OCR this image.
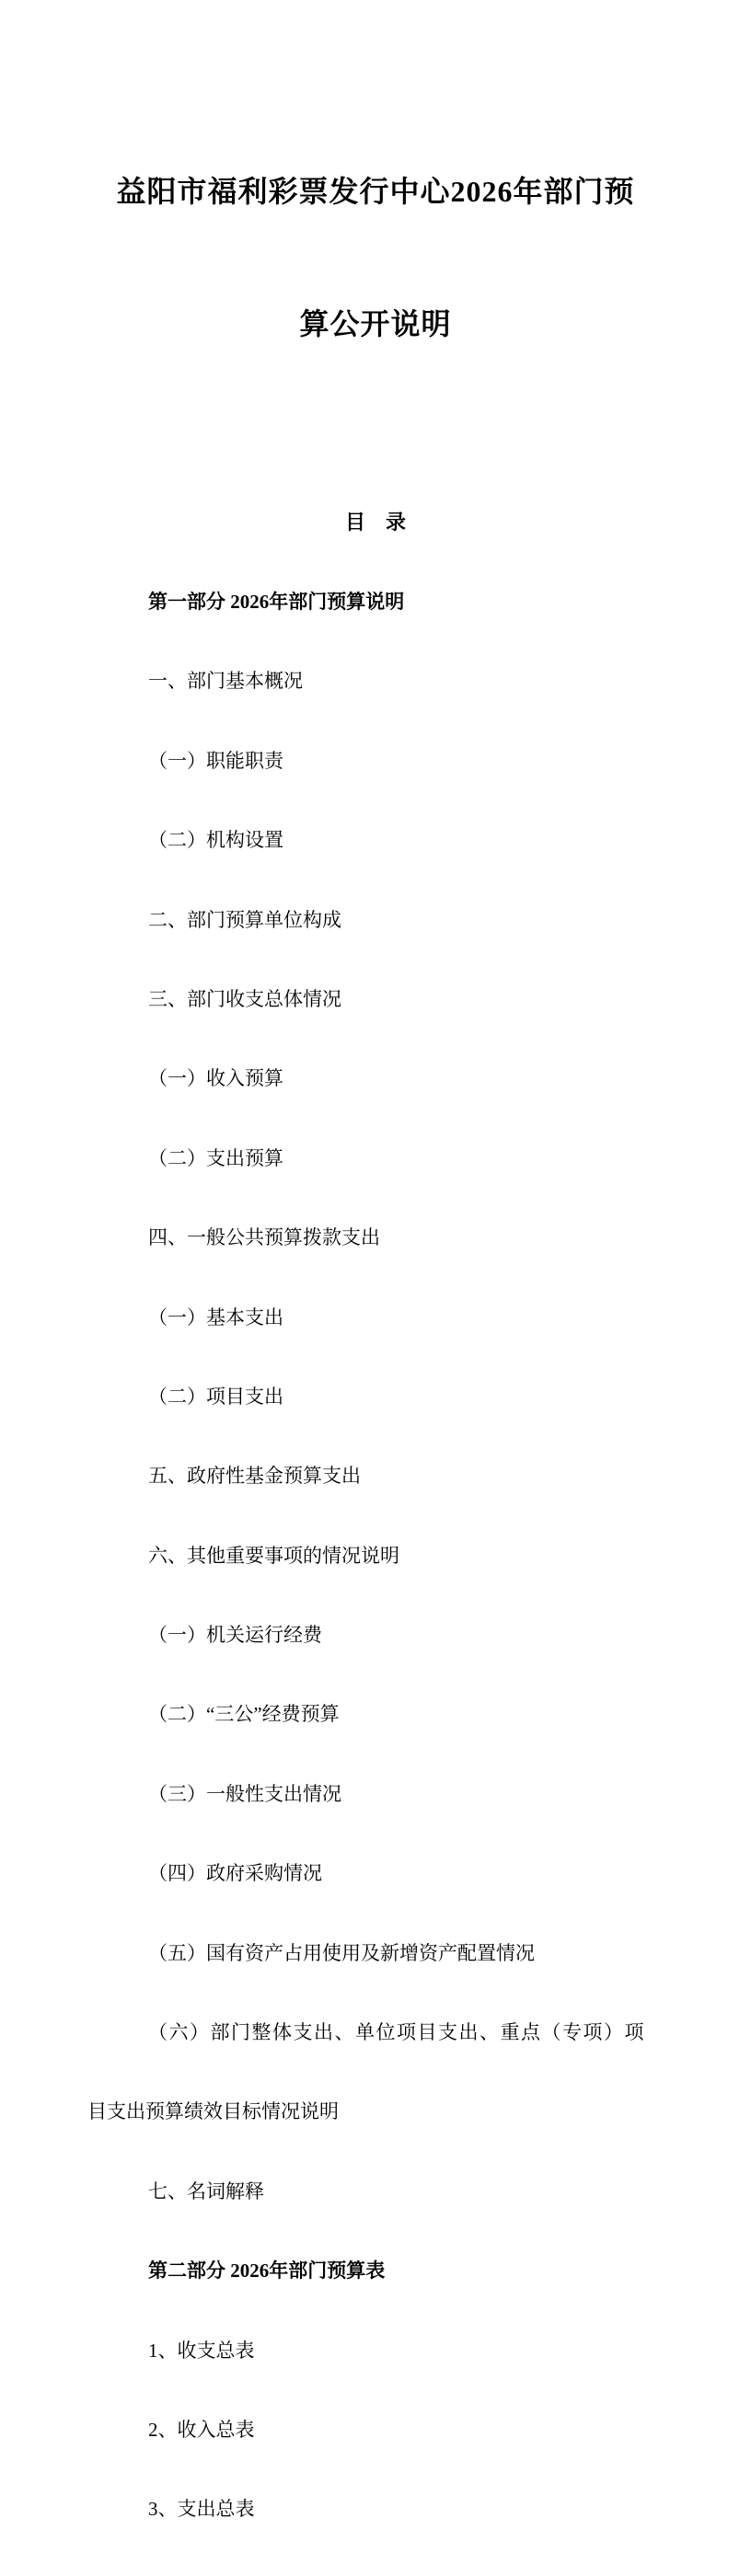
益阳市福利彩票发行中心2026年部门预

算公开说明

目　录

第一部分 2026年部门预算说明

一、部门基本概况

（一）职能职责

（二）机构设置

二、部门预算单位构成

三、部门收支总体情况

（一）收入预算

（二）支出预算

四、一般公共预算拨款支出

（一）基本支出

（二）项目支出

五、政府性基金预算支出

六、其他重要事项的情况说明

（一）机关运行经费

（二）“三公”经费预算

（三）一般性支出情况

（四）政府采购情况

（五）国有资产占用使用及新增资产配置情况

（六）部门整体支出、单位项目支出、重点（专项）项

目支出预算绩效目标情况说明

七、名词解释

第二部分 2026年部门预算表

1、收支总表

2、收入总表

3、支出总表
